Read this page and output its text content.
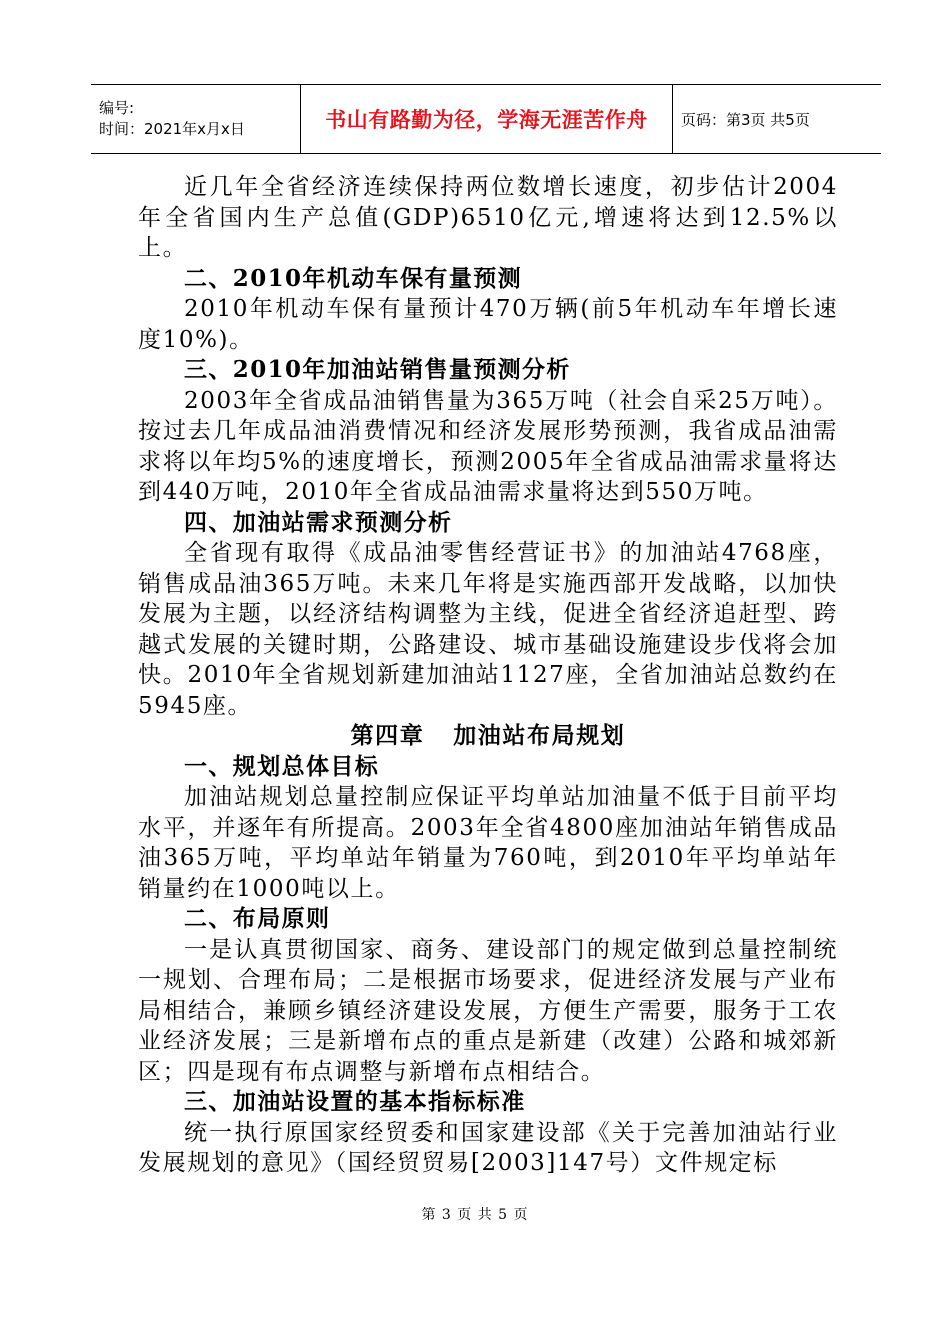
编号:
时间：2021年x月x日	书山有路勤为径，学海无涯苦作舟	页码：第3页 共5页

近几年全省经济连续保持两位数增长速度，初步估计2004年全省国内生产总值(GDP)6510亿元,增速将达到12.5%以上。

二、2010年机动车保有量预测

2010年机动车保有量预计470万辆(前5年机动车年增长速度10%)。

三、2010年加油站销售量预测分析

2003年全省成品油销售量为365万吨（社会自采25万吨）。按过去几年成品油消费情况和经济发展形势预测，我省成品油需求将以年均5%的速度增长，预测2005年全省成品油需求量将达到440万吨，2010年全省成品油需求量将达到550万吨。

四、加油站需求预测分析

全省现有取得《成品油零售经营证书》的加油站4768座，销售成品油365万吨。未来几年将是实施西部开发战略，以加快发展为主题，以经济结构调整为主线，促进全省经济追赶型、跨越式发展的关键时期，公路建设、城市基础设施建设步伐将会加快。2010年全省规划新建加油站1127座，全省加油站总数约在5945座。

第四章   加油站布局规划
一、规划总体目标

加油站规划总量控制应保证平均单站加油量不低于目前平均水平，并逐年有所提高。2003年全省4800座加油站年销售成品油365万吨，平均单站年销量为760吨，到2010年平均单站年销量约在1000吨以上。

二、布局原则

一是认真贯彻国家、商务、建设部门的规定做到总量控制统一规划、合理布局；二是根据市场要求，促进经济发展与产业布局相结合，兼顾乡镇经济建设发展，方便生产需要，服务于工农业经济发展；三是新增布点的重点是新建（改建）公路和城郊新区；四是现有布点调整与新增布点相结合。

三、加油站设置的基本指标标准

统一执行原国家经贸委和国家建设部《关于完善加油站行业发展规划的意见》（国经贸贸易[2003]147号）文件规定标

第 3 页 共 5 页
